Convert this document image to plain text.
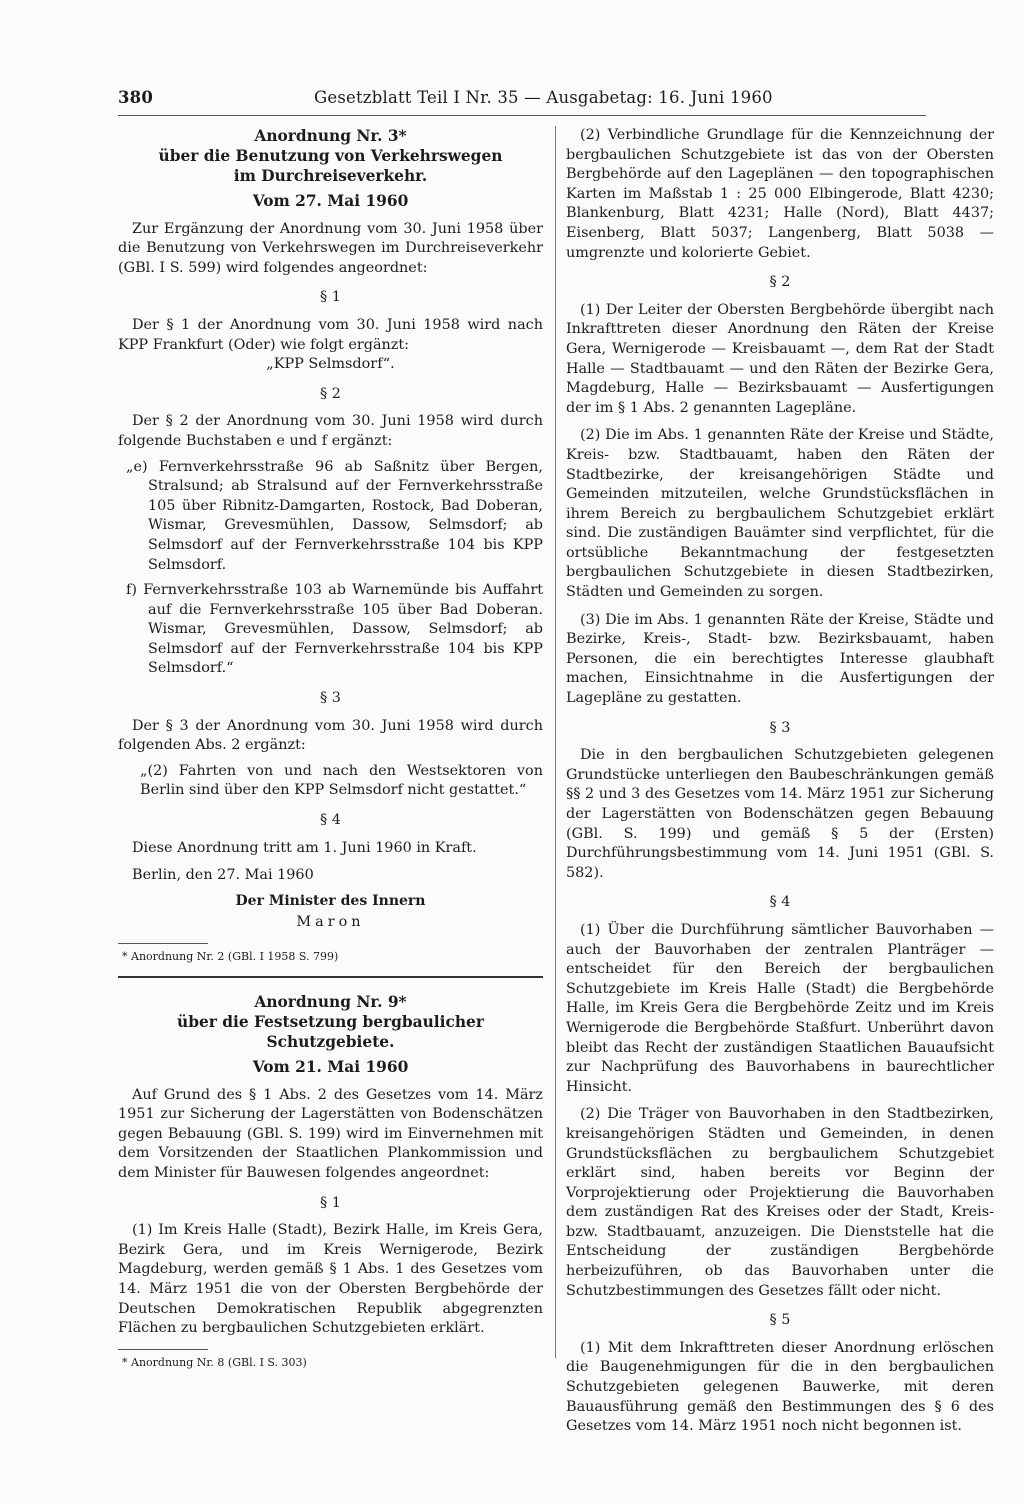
380	Gesetzblatt Teil I Nr. 35 — Ausgabetag: 16. Juni 1960

Anordnung Nr. 3*

über die Benutzung von Verkehrswegen

im Durchreiseverkehr.

Vom 27. Mai 1960

Zur Ergänzung der Anordnung vom 30. Juni 1958 über die Benutzung von Verkehrswegen im Durchreiseverkehr (GBl. I S. 599) wird folgendes angeordnet:

§ 1

Der § 1 der Anordnung vom 30. Juni 1958 wird nach KPP Frankfurt (Oder) wie folgt ergänzt:

„KPP Selmsdorf“.

§ 2

Der § 2 der Anordnung vom 30. Juni 1958 wird durch folgende Buchstaben e und f ergänzt:

„e) Fernverkehrsstraße 96 ab Saßnitz über Bergen, Stralsund; ab Stralsund auf der Fernverkehrsstraße 105 über Ribnitz-Damgarten, Rostock, Bad Doberan, Wismar, Grevesmühlen, Dassow, Selmsdorf; ab Selmsdorf auf der Fernverkehrsstraße 104 bis KPP Selmsdorf.

f) Fernverkehrsstraße 103 ab Warnemünde bis Auffahrt auf die Fernverkehrsstraße 105 über Bad Doberan. Wismar, Grevesmühlen, Dassow, Selmsdorf; ab Selmsdorf auf der Fernverkehrsstraße 104 bis KPP Selmsdorf.“

§ 3

Der § 3 der Anordnung vom 30. Juni 1958 wird durch folgenden Abs. 2 ergänzt:

„(2) Fahrten von und nach den Westsektoren von Berlin sind über den KPP Selmsdorf nicht gestattet.“

§ 4

Diese Anordnung tritt am 1. Juni 1960 in Kraft.

Berlin, den 27. Mai 1960

Der Minister des Innern

Maron

* Anordnung Nr. 2 (GBl. I 1958 S. 799)

Anordnung Nr. 9*

über die Festsetzung bergbaulicher Schutzgebiete.

Vom 21. Mai 1960

Auf Grund des § 1 Abs. 2 des Gesetzes vom 14. März 1951 zur Sicherung der Lagerstätten von Bodenschätzen gegen Bebauung (GBl. S. 199) wird im Einvernehmen mit dem Vorsitzenden der Staatlichen Plankommission und dem Minister für Bauwesen folgendes angeordnet:

§ 1

(1) Im Kreis Halle (Stadt), Bezirk Halle, im Kreis Gera, Bezirk Gera, und im Kreis Wernigerode, Bezirk Magdeburg, werden gemäß § 1 Abs. 1 des Gesetzes vom 14. März 1951 die von der Obersten Bergbehörde der Deutschen Demokratischen Republik abgegrenzten Flächen zu bergbaulichen Schutzgebieten erklärt.

* Anordnung Nr. 8 (GBl. I S. 303)

(2) Verbindliche Grundlage für die Kennzeichnung der bergbaulichen Schutzgebiete ist das von der Obersten Bergbehörde auf den Lageplänen — den topographischen Karten im Maßstab 1 : 25 000 Elbingerode, Blatt 4230; Blankenburg, Blatt 4231; Halle (Nord), Blatt 4437; Eisenberg, Blatt 5037; Langenberg, Blatt 5038 — umgrenzte und kolorierte Gebiet.

§ 2

(1) Der Leiter der Obersten Bergbehörde übergibt nach Inkrafttreten dieser Anordnung den Räten der Kreise Gera, Wernigerode — Kreisbauamt —, dem Rat der Stadt Halle — Stadtbauamt — und den Räten der Bezirke Gera, Magdeburg, Halle — Bezirksbauamt — Ausfertigungen der im § 1 Abs. 2 genannten Lagepläne.

(2) Die im Abs. 1 genannten Räte der Kreise und Städte, Kreis- bzw. Stadtbauamt, haben den Räten der Stadtbezirke, der kreisangehörigen Städte und Gemeinden mitzuteilen, welche Grundstücksflächen in ihrem Bereich zu bergbaulichem Schutzgebiet erklärt sind. Die zuständigen Bauämter sind verpflichtet, für die ortsübliche Bekanntmachung der festgesetzten bergbaulichen Schutzgebiete in diesen Stadtbezirken, Städten und Gemeinden zu sorgen.

(3) Die im Abs. 1 genannten Räte der Kreise, Städte und Bezirke, Kreis-, Stadt- bzw. Bezirksbauamt, haben Personen, die ein berechtigtes Interesse glaubhaft machen, Einsichtnahme in die Ausfertigungen der Lagepläne zu gestatten.

§ 3

Die in den bergbaulichen Schutzgebieten gelegenen Grundstücke unterliegen den Baubeschränkungen gemäß §§ 2 und 3 des Gesetzes vom 14. März 1951 zur Sicherung der Lagerstätten von Bodenschätzen gegen Bebauung (GBl. S. 199) und gemäß § 5 der (Ersten) Durchführungsbestimmung vom 14. Juni 1951 (GBl. S. 582).

§ 4

(1) Über die Durchführung sämtlicher Bauvorhaben — auch der Bauvorhaben der zentralen Planträger — entscheidet für den Bereich der bergbaulichen Schutzgebiete im Kreis Halle (Stadt) die Bergbehörde Halle, im Kreis Gera die Bergbehörde Zeitz und im Kreis Wernigerode die Bergbehörde Staßfurt. Unberührt davon bleibt das Recht der zuständigen Staatlichen Bauaufsicht zur Nachprüfung des Bauvorhabens in baurechtlicher Hinsicht.

(2) Die Träger von Bauvorhaben in den Stadtbezirken, kreisangehörigen Städten und Gemeinden, in denen Grundstücksflächen zu bergbaulichem Schutzgebiet erklärt sind, haben bereits vor Beginn der Vorprojektierung oder Projektierung die Bauvorhaben dem zuständigen Rat des Kreises oder der Stadt, Kreis- bzw. Stadtbauamt, anzuzeigen. Die Dienststelle hat die Entscheidung der zuständigen Bergbehörde herbeizuführen, ob das Bauvorhaben unter die Schutzbestimmungen des Gesetzes fällt oder nicht.

§ 5

(1) Mit dem Inkrafttreten dieser Anordnung erlöschen die Baugenehmigungen für die in den bergbaulichen Schutzgebieten gelegenen Bauwerke, mit deren Bauausführung gemäß den Bestimmungen des § 6 des Gesetzes vom 14. März 1951 noch nicht begonnen ist.
